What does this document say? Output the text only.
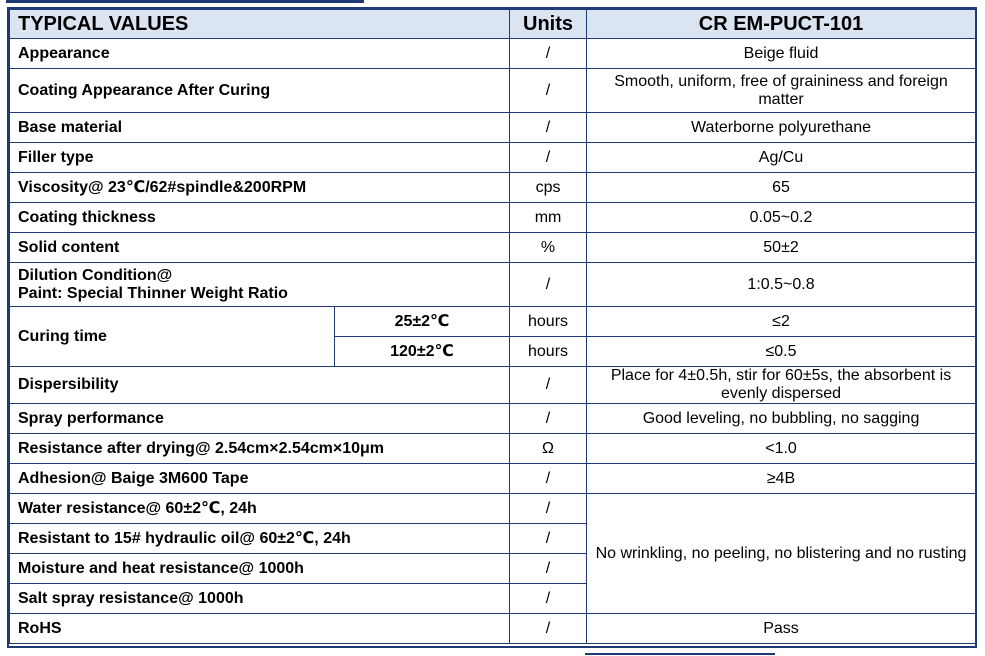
TYPICAL VALUES		Units	CR EM-PUCT-101
Appearance		/	Beige fluid
Coating Appearance After Curing		/	Smooth, uniform, free of graininess and foreign matter
Base material		/	Waterborne polyurethane
Filler type		/	Ag/Cu
Viscosity@ 23℃/62#spindle&200RPM		cps	65
Coating thickness		mm	0.05~0.2
Solid content		%	50±2

Dilution Condition@
Paint: Special Thinner Weight Ratio		/	1:0.5~0.8
Curing time	25±2℃	hours	≤2
	120±2℃	hours	≤0.5
Dispersibility		/	Place for 4±0.5h, stir for 60±5s, the absorbent is evenly dispersed
Spray performance		/	Good leveling, no bubbling, no sagging
Resistance after drying@ 2.54cm×2.54cm×10μm		Ω	<1.0
Adhesion@ Baige 3M600 Tape		/	≥4B
Water resistance@ 60±2℃, 24h		/	No wrinkling, no peeling, no blistering and no rusting
Resistant to 15# hydraulic oil@ 60±2℃, 24h		/	
Moisture and heat resistance@ 1000h		/	
Salt spray resistance@ 1000h		/	
RoHS		/	Pass
